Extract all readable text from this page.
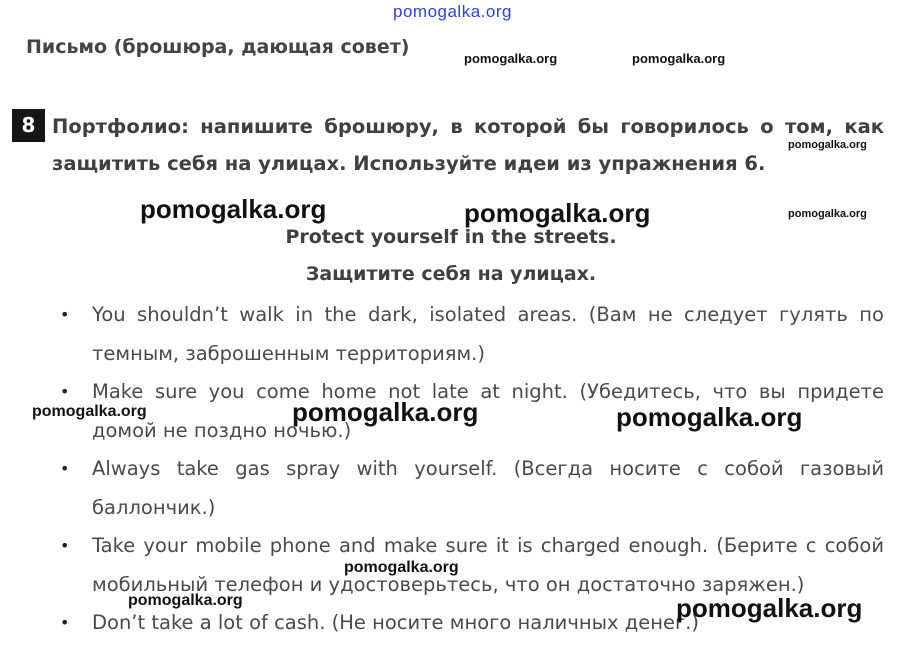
pomogalka.org
Письмо (брошюра, дающая совет)
8 Портфолио: напишите брошюру, в которой бы говорилось о том, как защитить себя на улицах. Используйте идеи из упражнения 6.
Protect yourself in the streets.
Защитите себя на улицах.
• You shouldn’t walk in the dark, isolated areas. (Вам не следует гулять по темным, заброшенным территориям.)
• Make sure you come home not late at night. (Убедитесь, что вы придете домой не поздно ночью.)
• Always take gas spray with yourself. (Всегда носите с собой газовый баллончик.)
• Take your mobile phone and make sure it is charged enough. (Берите с собой мобильный телефон и удостоверьтесь, что он достаточно заряжен.)
• Don’t take a lot of cash. (Не носите много наличных денег.)
pomogalka.org	pomogalka.org
pomogalka.org
pomogalka.org	pomogalka.org	pomogalka.org
pomogalka.org	pomogalka.org	pomogalka.org
pomogalka.org
pomogalka.org	pomogalka.org
